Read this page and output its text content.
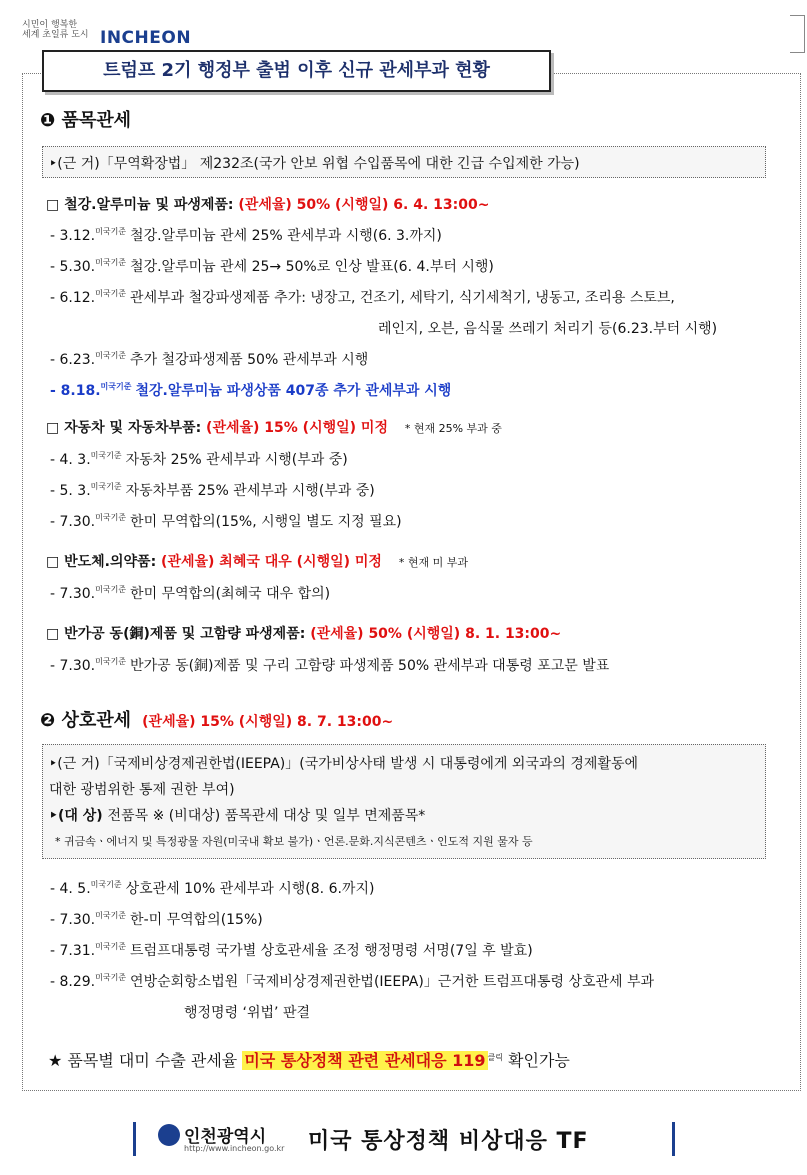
시민이 행복한
세계 초일류 도시 INCHEON
트럼프 2기 행정부 출범 이후 신규 관세부과 현황
❶ 품목관세
‣(근 거)「무역확장법」 제232조(국가 안보 위협 수입품목에 대한 긴급 수입제한 가능)
□ 철강.알루미늄 및 파생제품: (관세율) 50% (시행일) 6. 4. 13:00~
- 3.12.$^{미국기준}$ 철강.알루미늄 관세 25% 관세부과 시행(6. 3.까지)
- 5.30.$^{미국기준}$ 철강.알루미늄 관세 25→ 50%로 인상 발표(6. 4.부터 시행)
- 6.12.$^{미국기준}$ 관세부과 철강파생제품 추가: 냉장고, 건조기, 세탁기, 식기세척기, 냉동고, 조리용 스토브,
레인지, 오븐, 음식물 쓰레기 처리기 등(6.23.부터 시행)
- 6.23.$^{미국기준}$ 추가 철강파생제품 50% 관세부과 시행
- 8.18.$^{미국기준}$ 철강.알루미늄 파생상품 407종 추가 관세부과 시행
□ 자동차 및 자동차부품: (관세율) 15% (시행일) 미정 * 현재 25% 부과 중
- 4. 3.$^{미국기준}$ 자동차 25% 관세부과 시행(부과 중)
- 5. 3.$^{미국기준}$ 자동차부품 25% 관세부과 시행(부과 중)
- 7.30.$^{미국기준}$ 한미 무역합의(15%, 시행일 별도 지정 필요)
□ 반도체.의약품: (관세율) 최혜국 대우 (시행일) 미정 * 현재 미 부과
- 7.30.$^{미국기준}$ 한미 무역합의(최혜국 대우 합의)
□ 반가공 동(銅)제품 및 고함량 파생제품: (관세율) 50% (시행일) 8. 1. 13:00~
- 7.30.$^{미국기준}$ 반가공 동(銅)제품 및 구리 고함량 파생제품 50% 관세부과 대통령 포고문 발표
❷ 상호관세 (관세율) 15% (시행일) 8. 7. 13:00~
‣(근 거)「국제비상경제권한법(IEEPA)」(국가비상사태 발생 시 대통령에게 외국과의 경제활동에
대한 광범위한 통제 권한 부여)
‣(대 상) 전품목 ※ (비대상) 품목관세 대상 및 일부 면제품목*
* 귀금속ㆍ에너지 및 특정광물 자원(미국내 확보 불가)ㆍ언론.문화.지식콘텐츠ㆍ인도적 지원 물자 등
- 4. 5.$^{미국기준}$ 상호관세 10% 관세부과 시행(8. 6.까지)
- 7.30.$^{미국기준}$ 한-미 무역합의(15%)
- 7.31.$^{미국기준}$ 트럼프대통령 국가별 상호관세율 조정 행정명령 서명(7일 후 발효)
- 8.29.$^{미국기준}$ 연방순회항소법원「국제비상경제권한법(IEEPA)」근거한 트럼프대통령 상호관세 부과
행정명령 ‘위법’ 판결
★ 품목별 대미 수출 관세율 미국 통상정책 관련 관세대응 119 $^{클릭}$ 확인가능
인천광역시
http://www.incheon.go.kr 미국 통상정책 비상대응 TF
